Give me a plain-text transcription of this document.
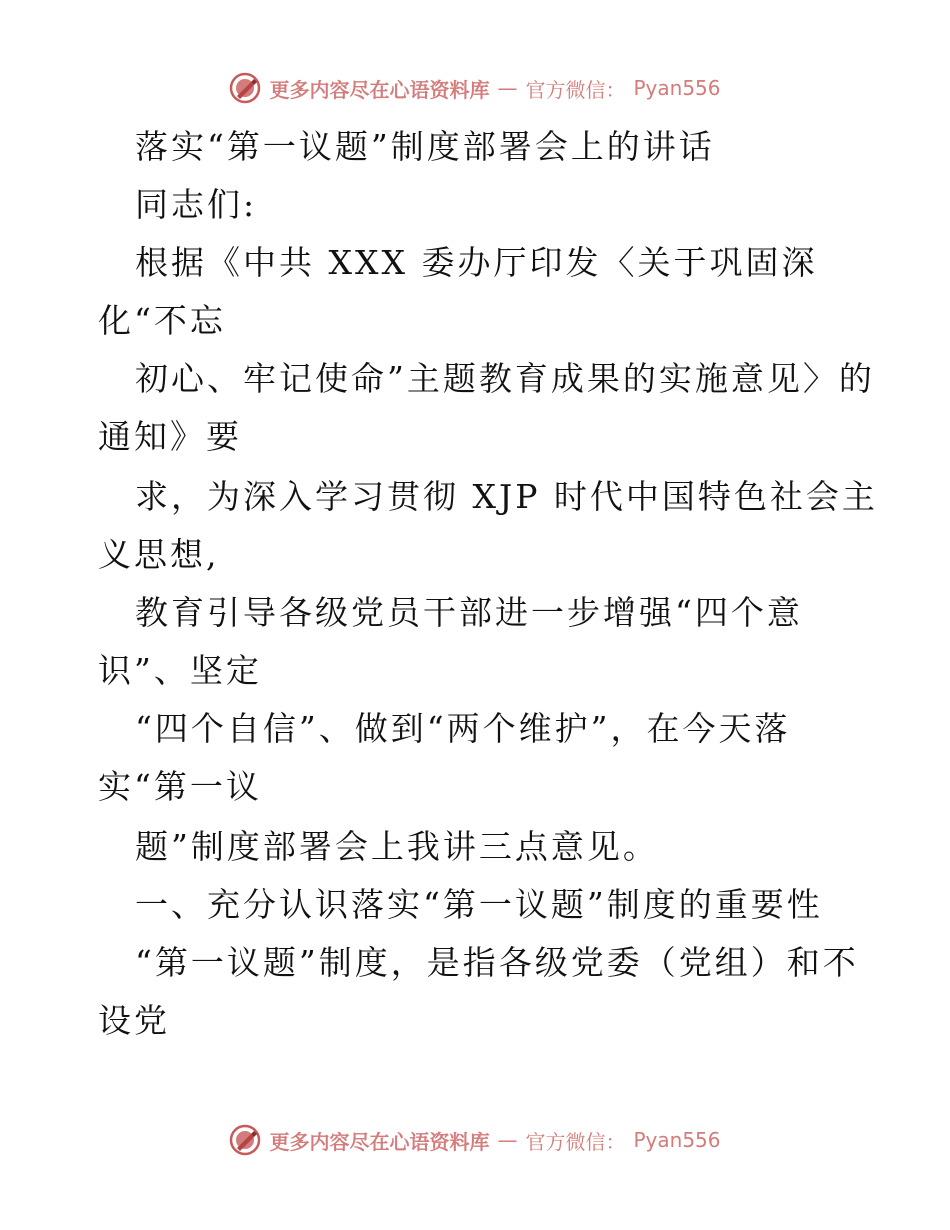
更多内容尽在心语资料库 — 官方微信： Pyan556
落实“第一议题”制度部署会上的讲话
同志们:
根据《中共 XXX 委办厅印发〈关于巩固深
化“不忘
初心、牢记使命”主题教育成果的实施意见〉的
通知》要
求，为深入学习贯彻 XJP 时代中国特色社会主
义思想,
教育引导各级党员干部进一步增强“四个意
识”、坚定
“四个自信”、做到“两个维护”，在今天落
实“第一议
题”制度部署会上我讲三点意见。
一、充分认识落实“第一议题”制度的重要性
“第一议题”制度，是指各级党委（党组）和不
设党
更多内容尽在心语资料库 — 官方微信： Pyan556
